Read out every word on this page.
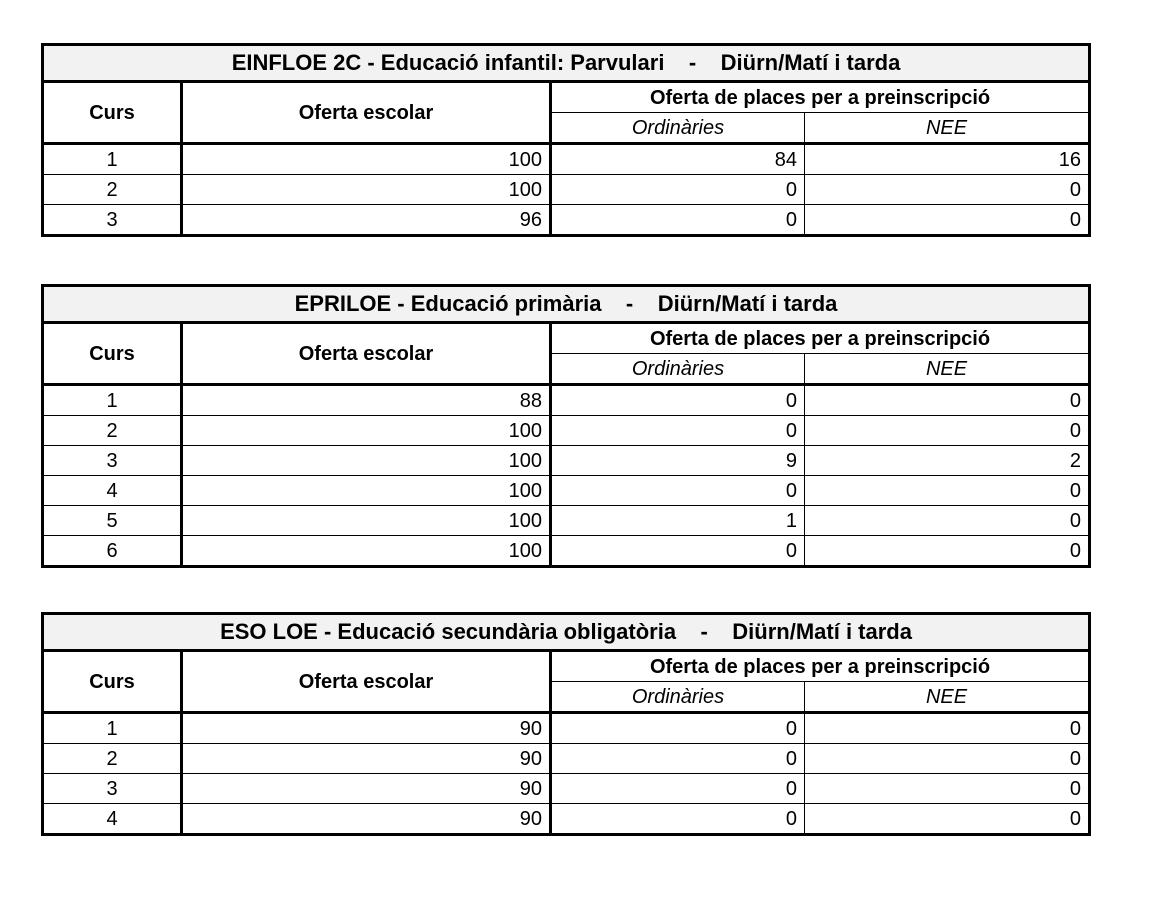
EINFLOE 2C - Educació infantil: Parvulari    -    Diürn/Matí i tarda			
Curs	Oferta escolar	Oferta de places per a preinscripció	
		Ordinàries	NEE
1	100	84	16
2	100	0	0
3	96	0	0
EPRILOE - Educació primària    -    Diürn/Matí i tarda			
Curs	Oferta escolar	Oferta de places per a preinscripció	
		Ordinàries	NEE
1	88	0	0
2	100	0	0
3	100	9	2
4	100	0	0
5	100	1	0
6	100	0	0
ESO LOE - Educació secundària obligatòria    -    Diürn/Matí i tarda			
Curs	Oferta escolar	Oferta de places per a preinscripció	
		Ordinàries	NEE
1	90	0	0
2	90	0	0
3	90	0	0
4	90	0	0
